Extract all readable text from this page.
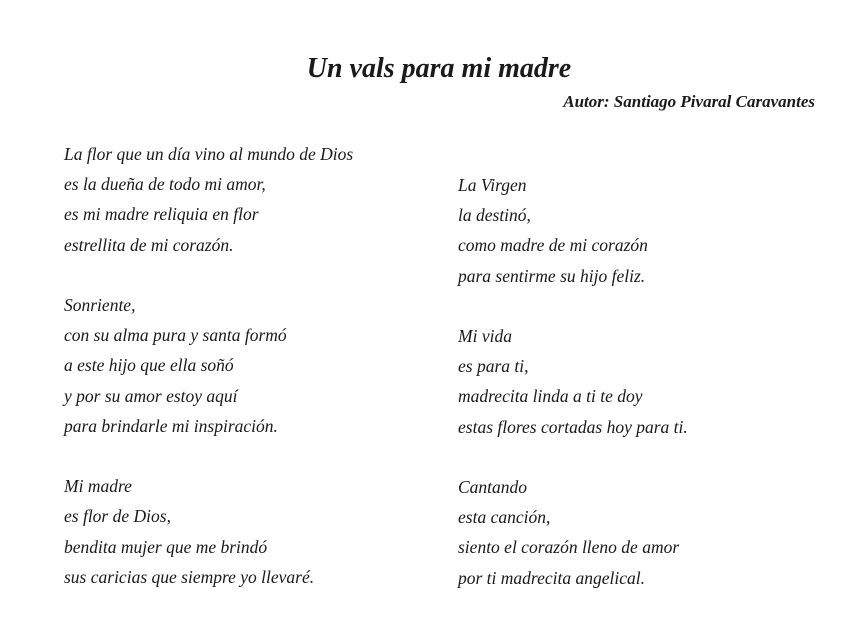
Un vals para mi madre
Autor: Santiago Pivaral Caravantes
La flor que un día vino al mundo de Dios
es la dueña de todo mi amor,
es mi madre reliquia en flor
estrellita de mi corazón.
Sonriente,
con su alma pura y santa formó
a este hijo que ella soñó
y por su amor estoy aquí
para brindarle mi inspiración.
Mi madre
es flor de Dios,
bendita mujer que me brindó
sus caricias que siempre yo llevaré.
La Virgen
la destinó,
como madre de mi corazón
para sentirme su hijo feliz.
Mi vida
es para ti,
madrecita linda a ti te doy
estas flores cortadas hoy para ti.
Cantando
esta canción,
siento el corazón lleno de amor
por ti madrecita angelical.
